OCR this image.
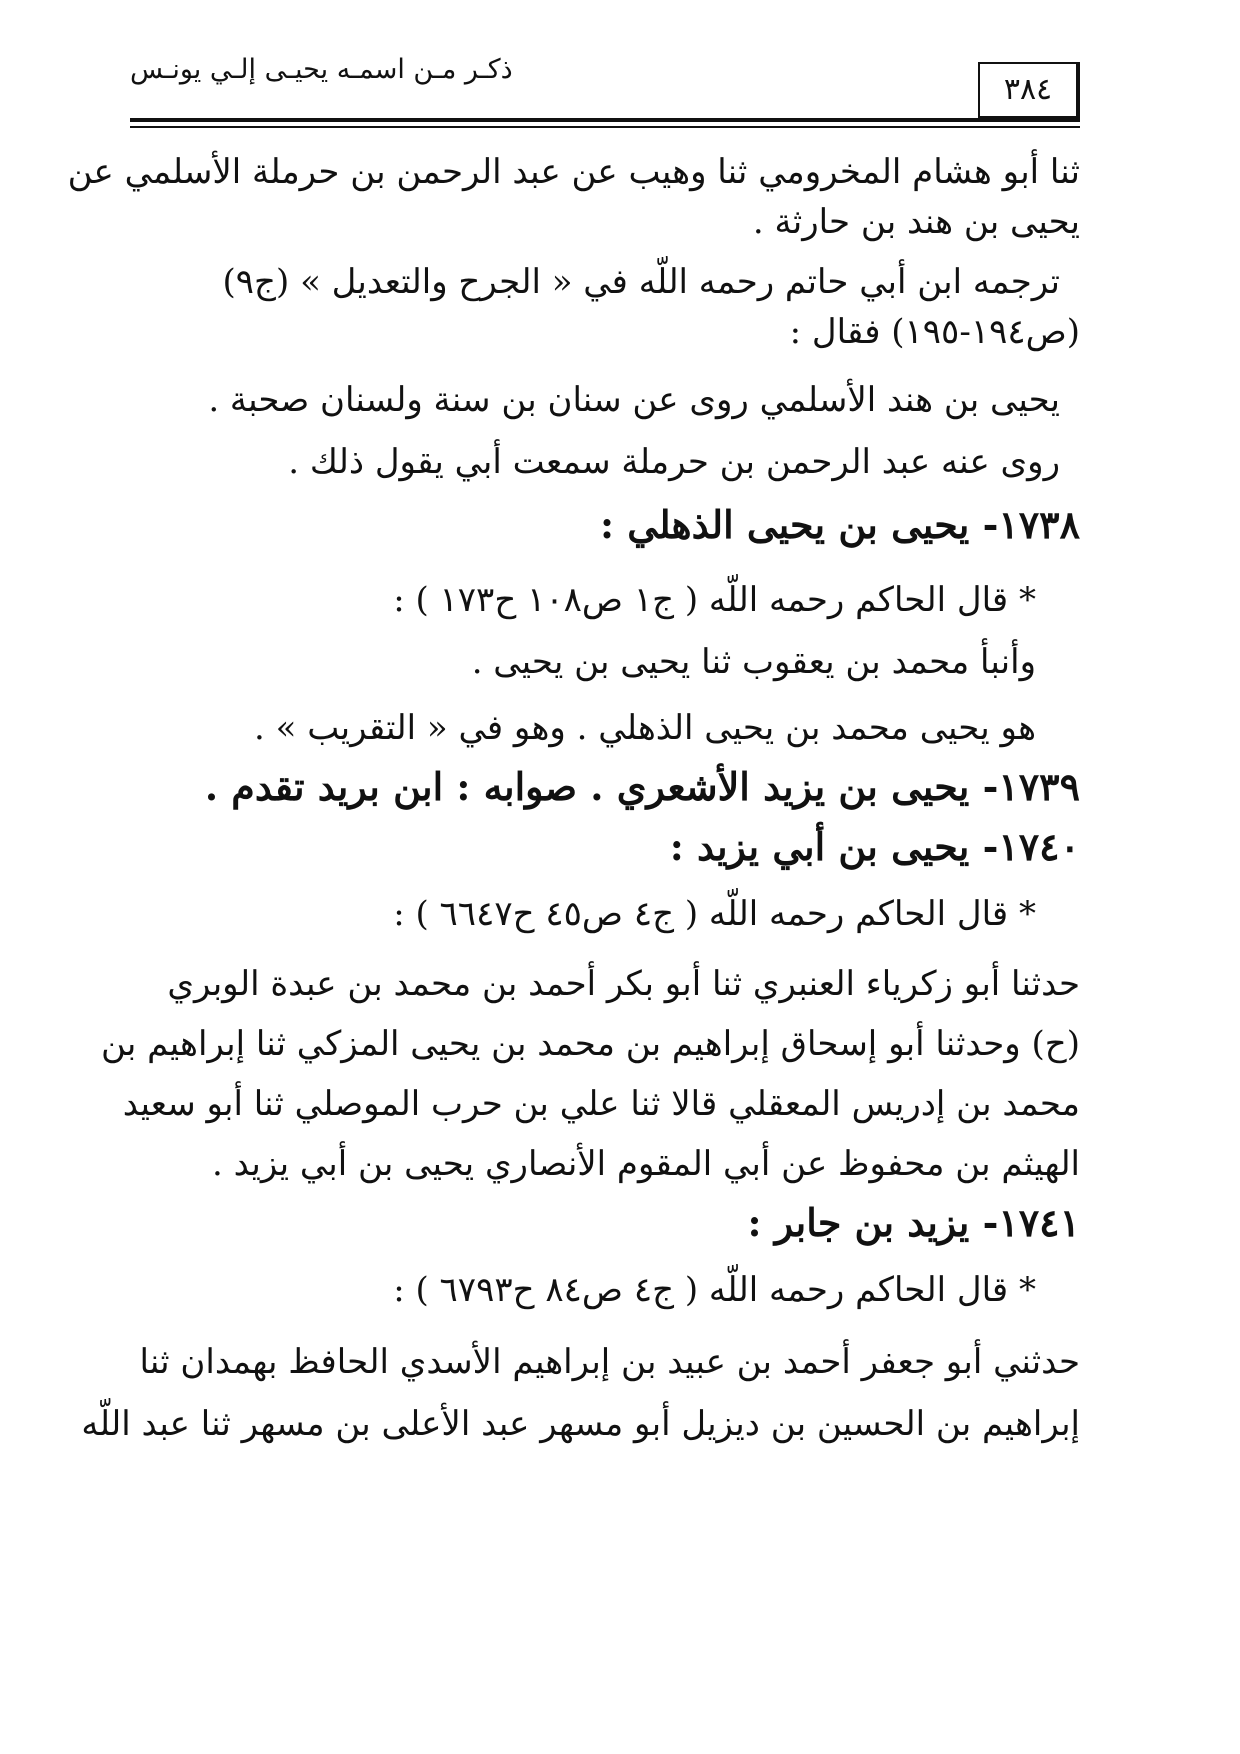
٣٨٤
ذكـر مـن اسمـه يحيـى إلـي يونـس
ثنا أبو هشام المخرومي ثنا وهيب عن عبد الرحمن بن حرملة الأسلمي عن
يحيى بن هند بن حارثة .
ترجمه ابن أبي حاتم رحمه اللّه في « الجرح والتعديل » (ج٩)
(ص١٩٤-١٩٥) فقال :
يحيى بن هند الأسلمي روى عن سنان بن سنة ولسنان صحبة .
روى عنه عبد الرحمن بن حرملة سمعت أبي يقول ذلك .
١٧٣٨- يحيى بن يحيى الذهلي :
* قال الحاكم رحمه اللّه ( ج١ ص١٠٨ ح١٧٣ ) :
وأنبأ محمد بن يعقوب ثنا يحيى بن يحيى .
هو يحيى محمد بن يحيى الذهلي . وهو في « التقريب » .
١٧٣٩- يحيى بن يزيد الأشعري . صوابه : ابن بريد تقدم .
١٧٤٠- يحيى بن أبي يزيد :
* قال الحاكم رحمه اللّه ( ج٤ ص٤٥ ح٦٦٤٧ ) :
حدثنا أبو زكرياء العنبري ثنا أبو بكر أحمد بن محمد بن عبدة الوبري
(ح) وحدثنا أبو إسحاق إبراهيم بن محمد بن يحيى المزكي ثنا إبراهيم بن
محمد بن إدريس المعقلي قالا ثنا علي بن حرب الموصلي ثنا أبو سعيد
الهيثم بن محفوظ عن أبي المقوم الأنصاري يحيى بن أبي يزيد .
١٧٤١- يزيد بن جابر :
* قال الحاكم رحمه اللّه ( ج٤ ص٨٤ ح٦٧٩٣ ) :
حدثني أبو جعفر أحمد بن عبيد بن إبراهيم الأسدي الحافظ بهمدان ثنا
إبراهيم بن الحسين بن ديزيل أبو مسهر عبد الأعلى بن مسهر ثنا عبد اللّه
